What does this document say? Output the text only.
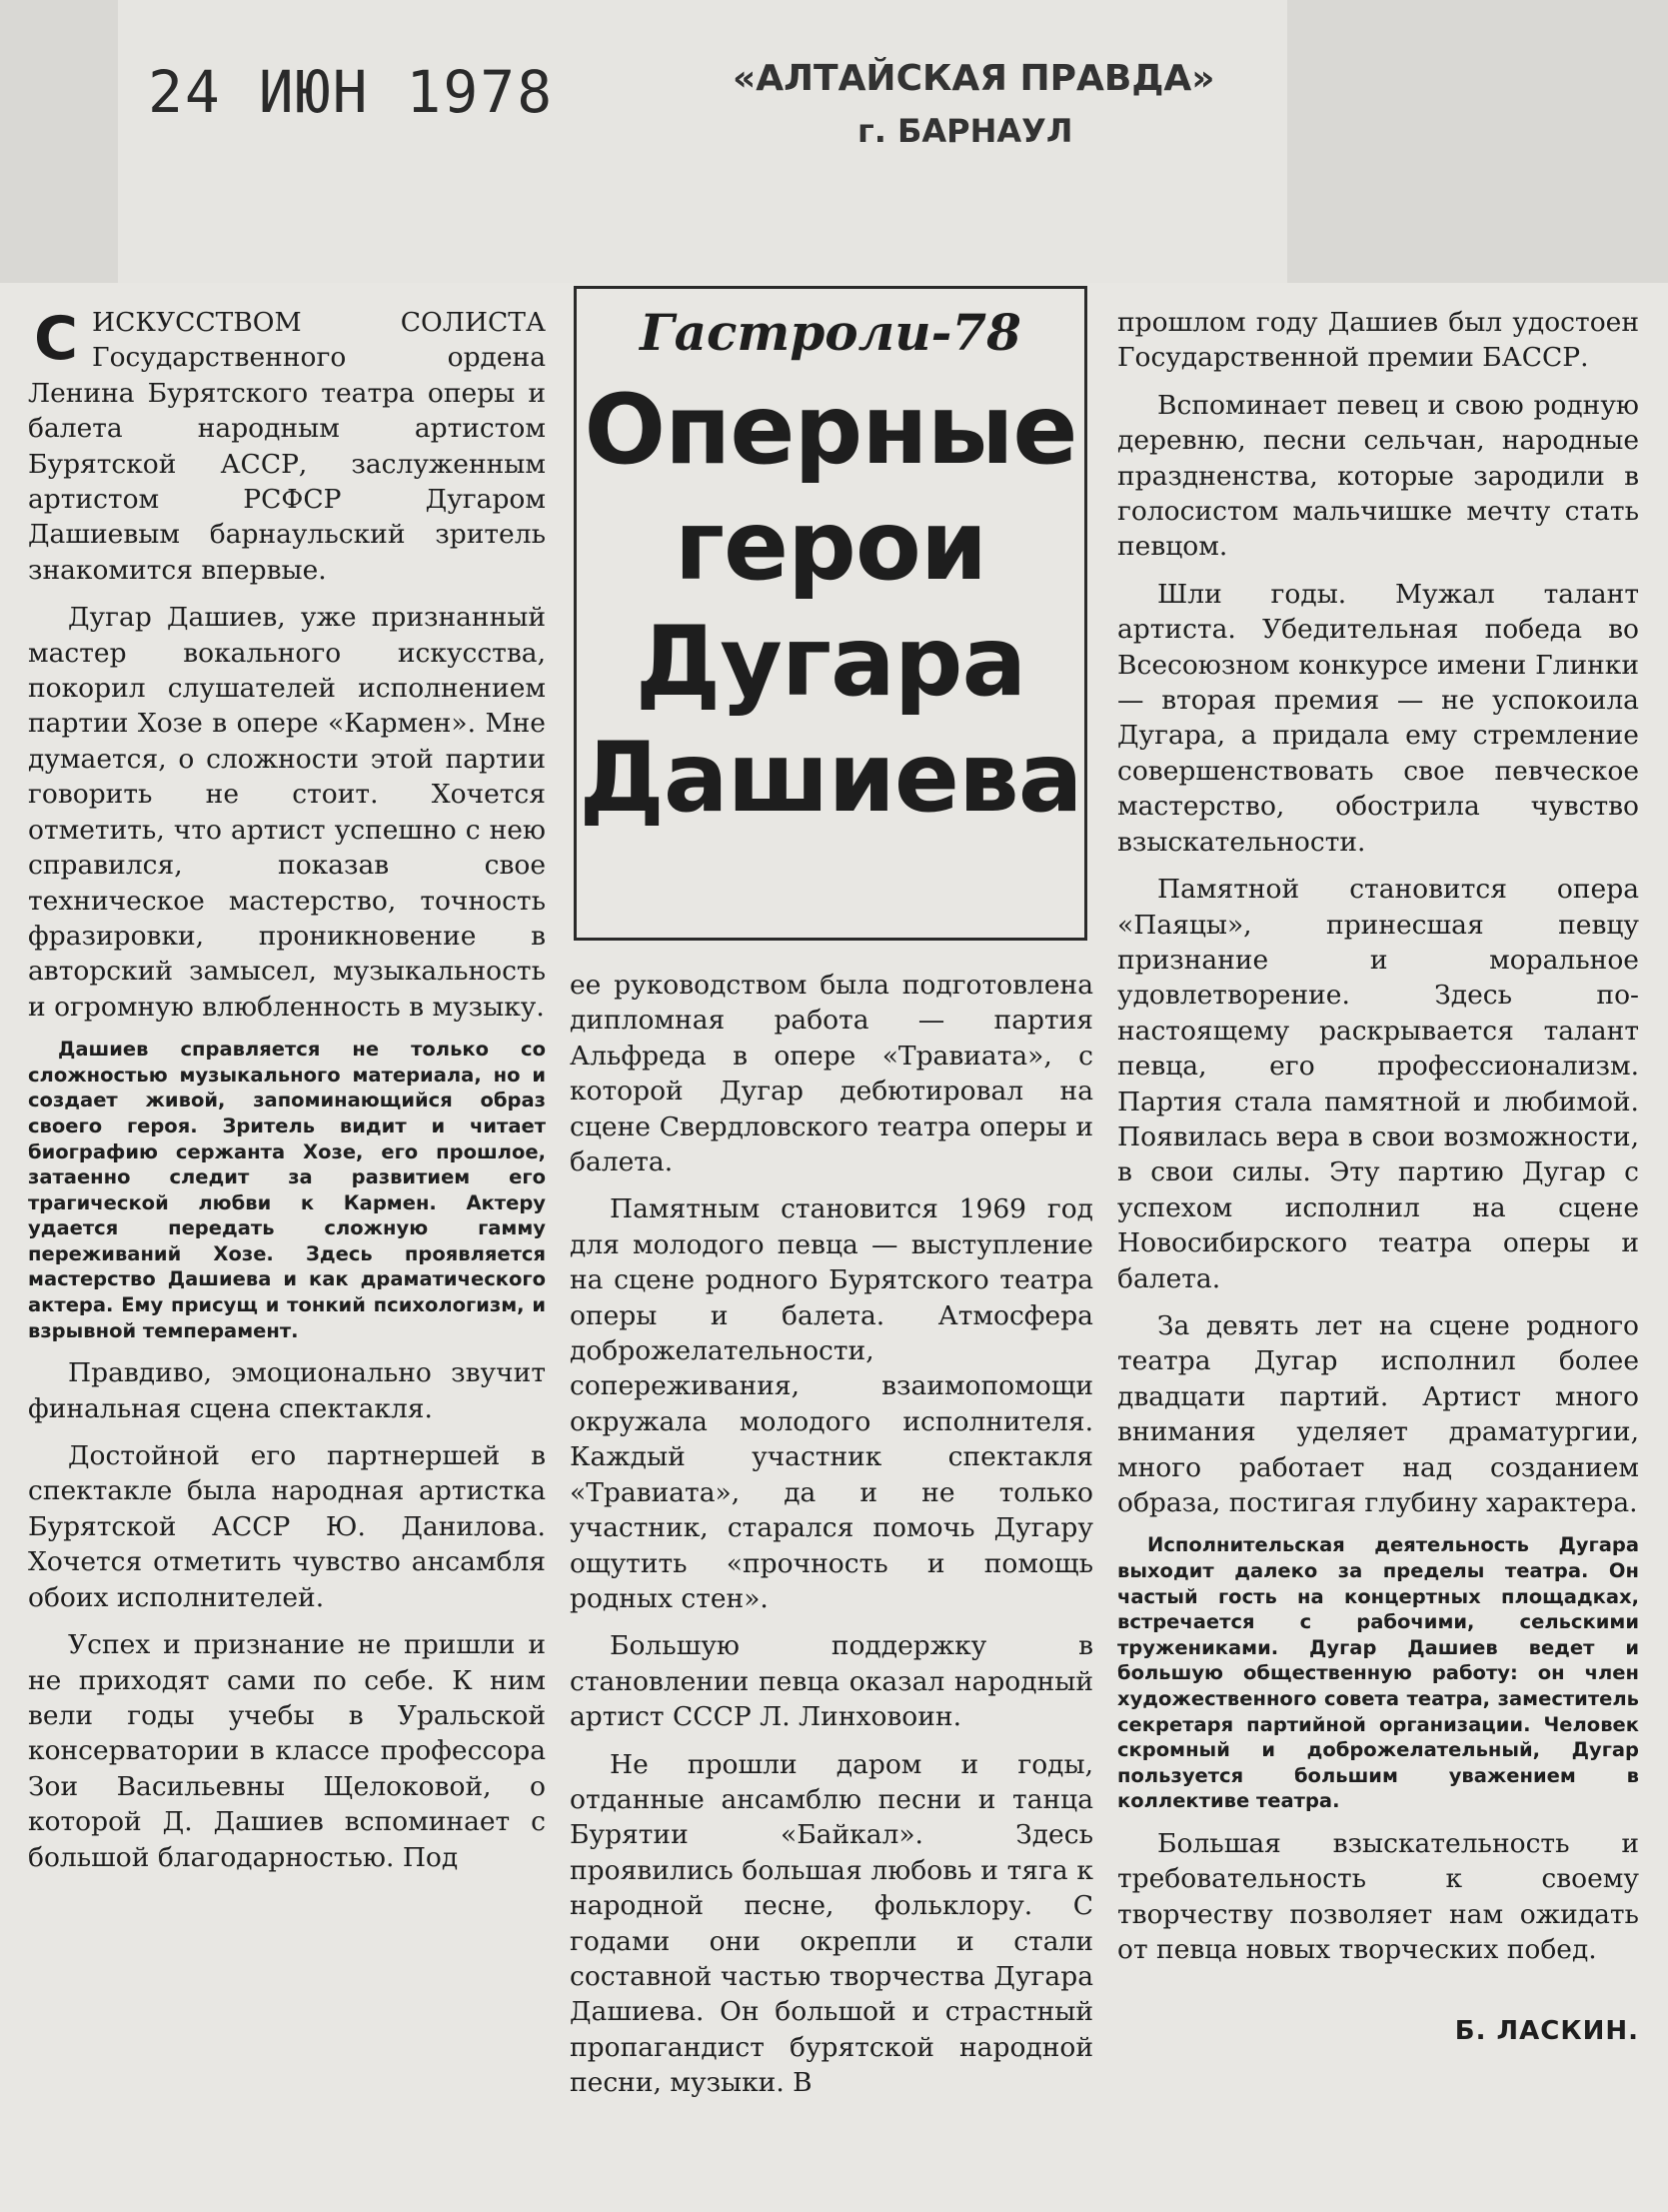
24 ИЮН 1978	«АЛТАЙСКАЯ ПРАВДА»
г. БАРНАУЛ

СИСКУССТВОМ СОЛИСТА Государственного ордена Ленина Бурятского театра оперы и балета народным артистом Бурятской АССР, заслуженным артистом РСФСР Дугаром Дашиевым барнаульский зритель знакомится впервые.

Дугар Дашиев, уже признанный мастер вокального искусства, покорил слушателей исполнением партии Хозе в опере «Кармен». Мне думается, о сложности этой партии говорить не стоит. Хочется отметить, что артист успешно с нею справился, показав свое техническое мастерство, точность фразировки, проникновение в авторский замысел, музыкальность и огромную влюбленность в музыку.

Дашиев справляется не только со сложностью музыкального материала, но и создает живой, запоминающийся образ своего героя. Зритель видит и читает биографию сержанта Хозе, его прошлое, затаенно следит за развитием его трагической любви к Кармен. Актеру удается передать сложную гамму переживаний Хозе. Здесь проявляется мастерство Дашиева и как драматического актера. Ему присущ и тонкий психологизм, и взрывной темперамент.

Правдиво, эмоционально звучит финальная сцена спектакля.

Достойной его партнершей в спектакле была народная артистка Бурятской АССР Ю. Данилова. Хочется отметить чувство ансамбля обоих исполнителей.

Успех и признание не пришли и не приходят сами по себе. К ним вели годы учебы в Уральской консерватории в классе профессора Зои Васильевны Щелоковой, о которой Д. Дашиев вспоминает с большой благодарностью. Под

Гастроли-78
Оперные герои Дугара Дашиева

ее руководством была подготовлена дипломная работа — партия Альфреда в опере «Травиата», с которой Дугар дебютировал на сцене Свердловского театра оперы и балета.

Памятным становится 1969 год для молодого певца — выступление на сцене родного Бурятского театра оперы и балета. Атмосфера доброжелательности, сопереживания, взаимопомощи окружала молодого исполнителя. Каждый участник спектакля «Травиата», да и не только участник, старался помочь Дугару ощутить «прочность и помощь родных стен».

Большую поддержку в становлении певца оказал народный артист СССР Л. Линховоин.

Не прошли даром и годы, отданные ансамблю песни и танца Бурятии «Байкал». Здесь проявились большая любовь и тяга к народной песне, фольклору. С годами они окрепли и стали составной частью творчества Дугара Дашиева. Он большой и страстный пропагандист бурятской народной песни, музыки. В

прошлом году Дашиев был удостоен Государственной премии БАССР.

Вспоминает певец и свою родную деревню, песни сельчан, народные праздненства, которые зародили в голосистом мальчишке мечту стать певцом.

Шли годы. Мужал талант артиста. Убедительная победа во Всесоюзном конкурсе имени Глинки — вторая премия — не успокоила Дугара, а придала ему стремление совершенствовать свое певческое мастерство, обострила чувство взыскательности.

Памятной становится опера «Паяцы», принесшая певцу признание и моральное удовлетворение. Здесь по-настоящему раскрывается талант певца, его профессионализм. Партия стала памятной и любимой. Появилась вера в свои возможности, в свои силы. Эту партию Дугар с успехом исполнил на сцене Новосибирского театра оперы и балета.

За девять лет на сцене родного театра Дугар исполнил более двадцати партий. Артист много внимания уделяет драматургии, много работает над созданием образа, постигая глубину характера.

Исполнительская деятельность Дугара выходит далеко за пределы театра. Он частый гость на концертных площадках, встречается с рабочими, сельскими тружениками. Дугар Дашиев ведет и большую общественную работу: он член художественного совета театра, заместитель секретаря партийной организации. Человек скромный и доброжелательный, Дугар пользуется большим уважением в коллективе театра.

Большая взыскательность и требовательность к своему творчеству позволяет нам ожидать от певца новых творческих побед.

Б. ЛАСКИН.
